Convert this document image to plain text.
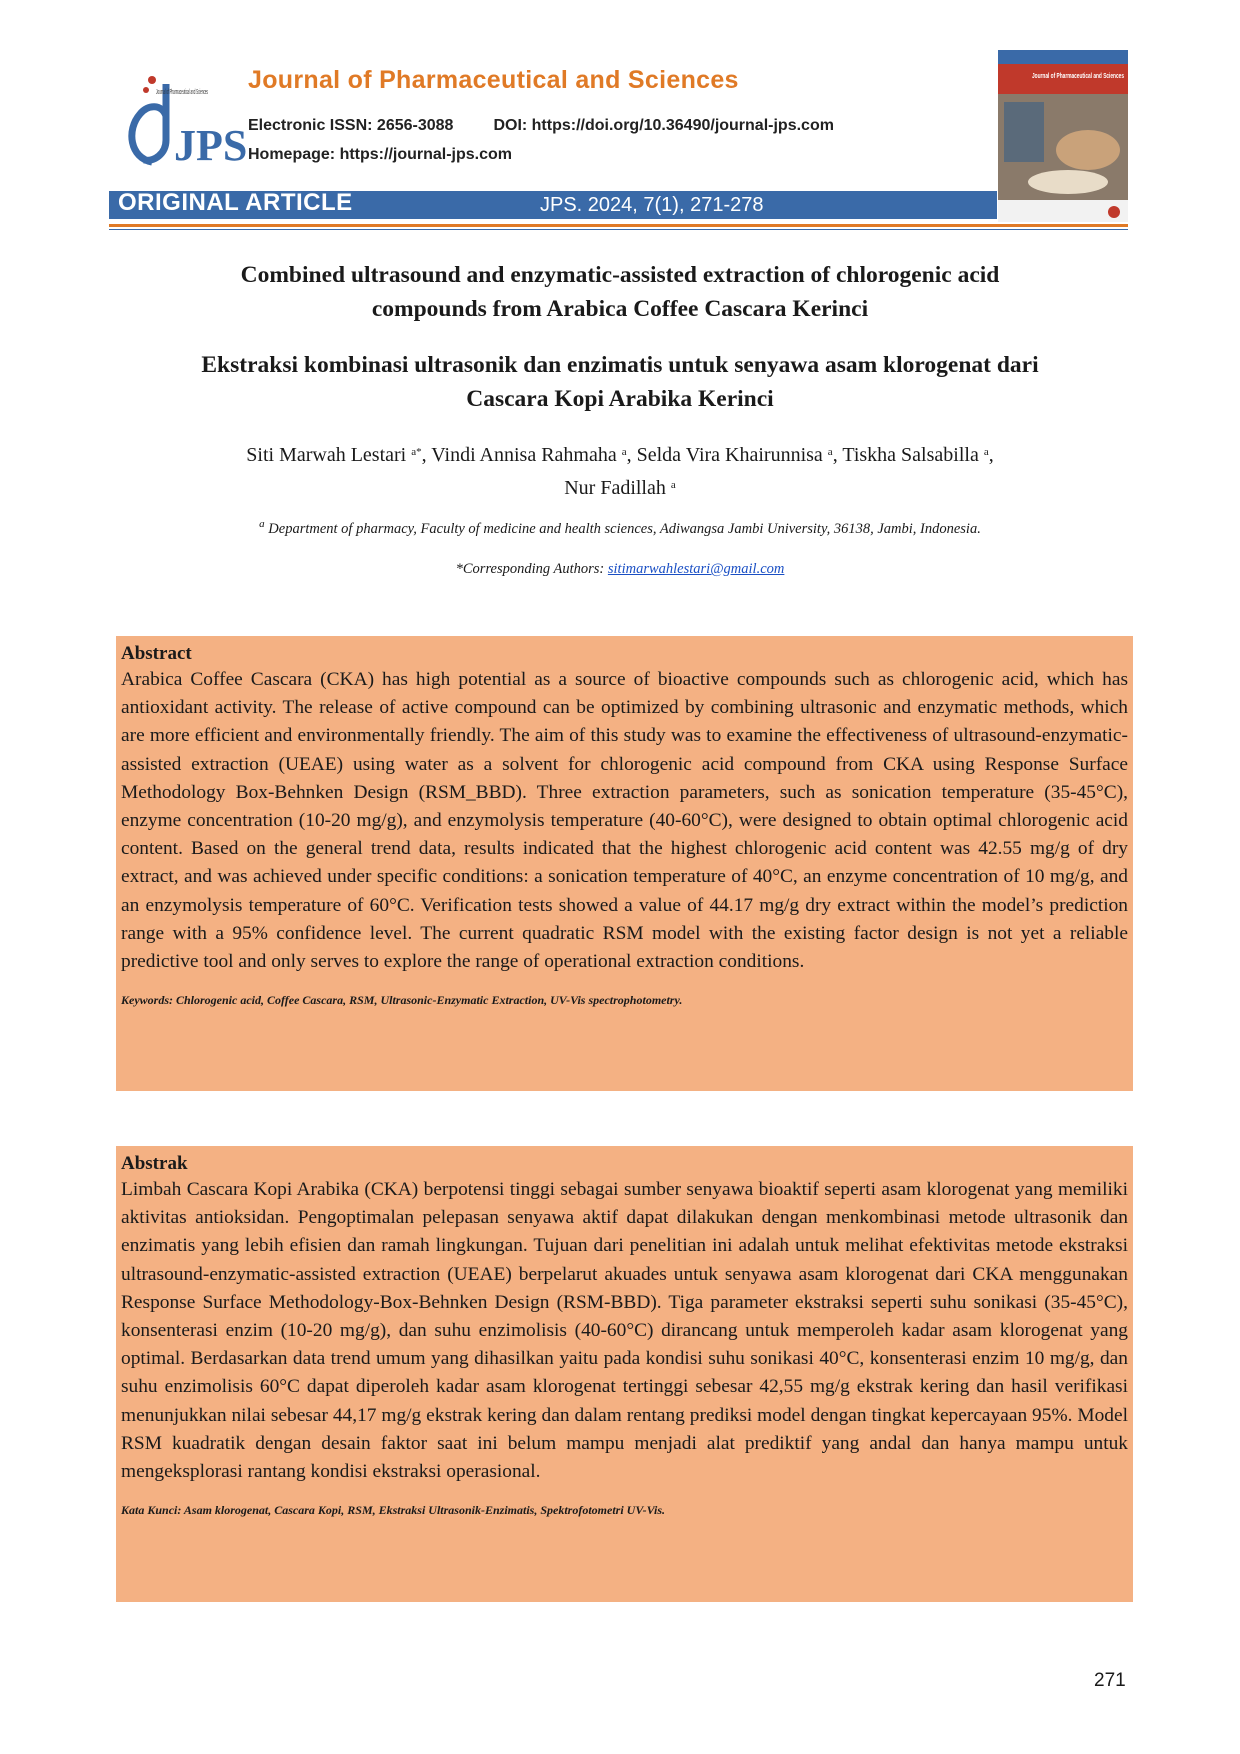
JPS
Journal of Pharmaceutical and Sciences Journal of Pharmaceutical and Sciences
Electronic ISSN: 2656-3088	DOI: https://doi.org/10.36490/journal-jps.com
Homepage: https://journal-jps.com
Journal of Pharmaceutical and Sciences
ORIGINAL ARTICLE	JPS. 2024, 7(1), 271-278
Combined ultrasound and enzymatic-assisted extraction of chlorogenic acid
compounds from Arabica Coffee Cascara Kerinci
Ekstraksi kombinasi ultrasonik dan enzimatis untuk senyawa asam klorogenat dari
Cascara Kopi Arabika Kerinci
Siti Marwah Lestari $^{a*}$, Vindi Annisa Rahmaha $^a$, Selda Vira Khairunnisa $^a$, Tiskha Salsabilla $^a$,
Nur Fadillah $^a$
$^a$ Department of pharmacy, Faculty of medicine and health sciences, Adiwangsa Jambi University, 36138, Jambi, Indonesia.
*Corresponding Authors: sitimarwahlestari@gmail.com
Abstract
Arabica Coffee Cascara (CKA) has high potential as a source of bioactive compounds such as chlorogenic acid, which has antioxidant activity. The release of active compound can be optimized by combining ultrasonic and enzymatic methods, which are more efficient and environmentally friendly. The aim of this study was to examine the effectiveness of ultrasound-enzymatic-assisted extraction (UEAE) using water as a solvent for chlorogenic acid compound from CKA using Response Surface Methodology Box-Behnken Design (RSM_BBD). Three extraction parameters, such as sonication temperature (35-45°C), enzyme concentration (10-20 mg/g), and enzymolysis temperature (40-60°C), were designed to obtain optimal chlorogenic acid content. Based on the general trend data, results indicated that the highest chlorogenic acid content was 42.55 mg/g of dry extract, and was achieved under specific conditions: a sonication temperature of 40°C, an enzyme concentration of 10 mg/g, and an enzymolysis temperature of 60°C. Verification tests showed a value of 44.17 mg/g dry extract within the model’s prediction range with a 95% confidence level. The current quadratic RSM model with the existing factor design is not yet a reliable predictive tool and only serves to explore the range of operational extraction conditions.
Keywords: Chlorogenic acid, Coffee Cascara, RSM, Ultrasonic-Enzymatic Extraction, UV-Vis spectrophotometry.
Abstrak
Limbah Cascara Kopi Arabika (CKA) berpotensi tinggi sebagai sumber senyawa bioaktif seperti asam klorogenat yang memiliki aktivitas antioksidan. Pengoptimalan pelepasan senyawa aktif dapat dilakukan dengan menkombinasi metode ultrasonik dan enzimatis yang lebih efisien dan ramah lingkungan. Tujuan dari penelitian ini adalah untuk melihat efektivitas metode ekstraksi ultrasound-enzymatic-assisted extraction (UEAE) berpelarut akuades untuk senyawa asam klorogenat dari CKA menggunakan Response Surface Methodology-Box-Behnken Design (RSM-BBD). Tiga parameter ekstraksi seperti suhu sonikasi (35-45°C), konsenterasi enzim (10-20 mg/g), dan suhu enzimolisis (40-60°C) dirancang untuk memperoleh kadar asam klorogenat yang optimal. Berdasarkan data trend umum yang dihasilkan yaitu pada kondisi suhu sonikasi 40°C, konsenterasi enzim 10 mg/g, dan suhu enzimolisis 60°C dapat diperoleh kadar asam klorogenat tertinggi sebesar 42,55 mg/g ekstrak kering dan hasil verifikasi menunjukkan nilai sebesar 44,17 mg/g ekstrak kering dan dalam rentang prediksi model dengan tingkat kepercayaan 95%. Model RSM kuadratik dengan desain faktor saat ini belum mampu menjadi alat prediktif yang andal dan hanya mampu untuk mengeksplorasi rantang kondisi ekstraksi operasional.
Kata Kunci: Asam klorogenat, Cascara Kopi, RSM, Ekstraksi Ultrasonik-Enzimatis, Spektrofotometri UV-Vis.
271
